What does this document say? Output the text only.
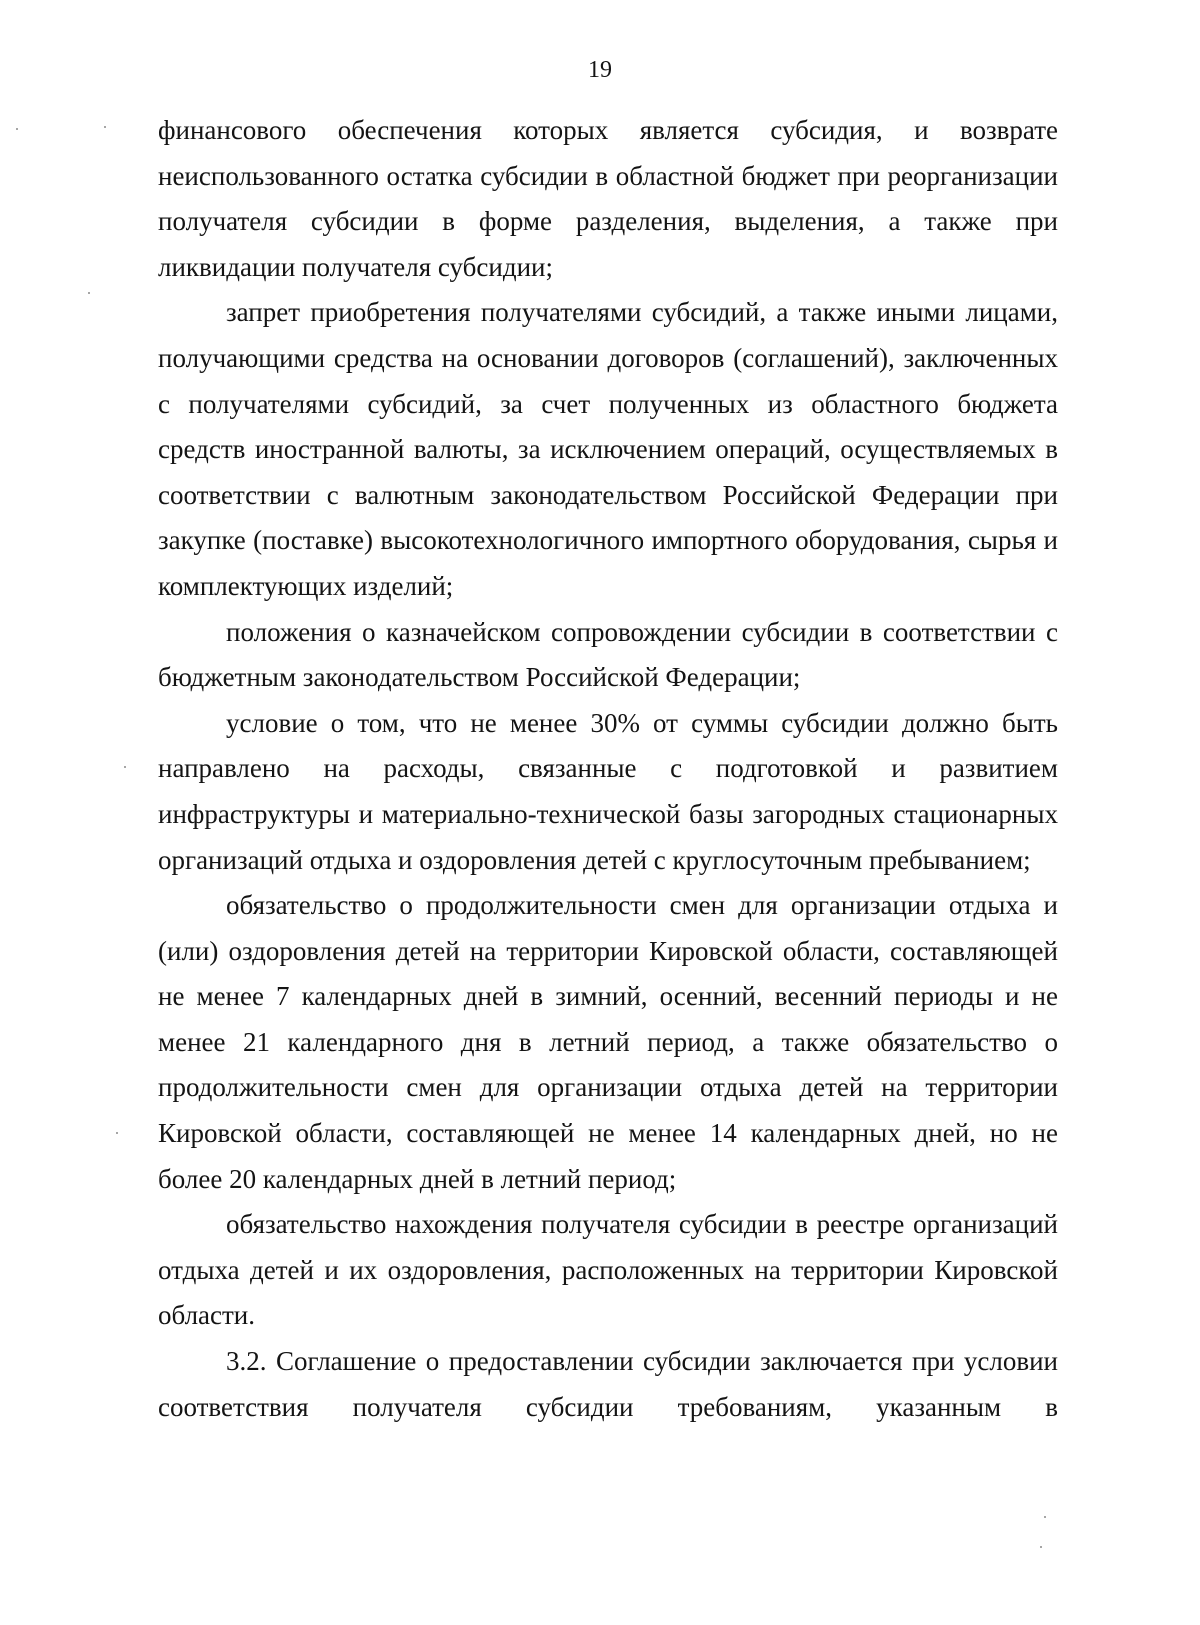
19

финансового обеспечения которых является субсидия, и возврате неиспользованного остатка субсидии в областной бюджет при реорганизации получателя субсидии в форме разделения, выделения, а также при ликвидации получателя субсидии;

запрет приобретения получателями субсидий, а также иными лицами, получающими средства на основании договоров (соглашений), заключенных с получателями субсидий, за счет полученных из областного бюджета средств иностранной валюты, за исключением операций, осуществляемых в соответствии с валютным законодательством Российской Федерации при закупке (поставке) высокотехнологичного импортного оборудования, сырья и комплектующих изделий;

положения о казначейском сопровождении субсидии в соответствии с бюджетным законодательством Российской Федерации;

условие о том, что не менее 30% от суммы субсидии должно быть направлено на расходы, связанные с подготовкой и развитием инфраструктуры и материально-технической базы загородных стационарных организаций отдыха и оздоровления детей с круглосуточным пребыванием;

обязательство о продолжительности смен для организации отдыха и (или) оздоровления детей на территории Кировской области, составляющей не менее 7 календарных дней в зимний, осенний, весенний периоды и не менее 21 календарного дня в летний период, а также обязательство о продолжительности смен для организации отдыха детей на территории Кировской области, составляющей не менее 14 календарных дней, но не более 20 календарных дней в летний период;

обязательство нахождения получателя субсидии в реестре организаций отдыха детей и их оздоровления, расположенных на территории Кировской области.

3.2. Соглашение о предоставлении субсидии заключается при условии соответствия получателя субсидии требованиям, указанным в
